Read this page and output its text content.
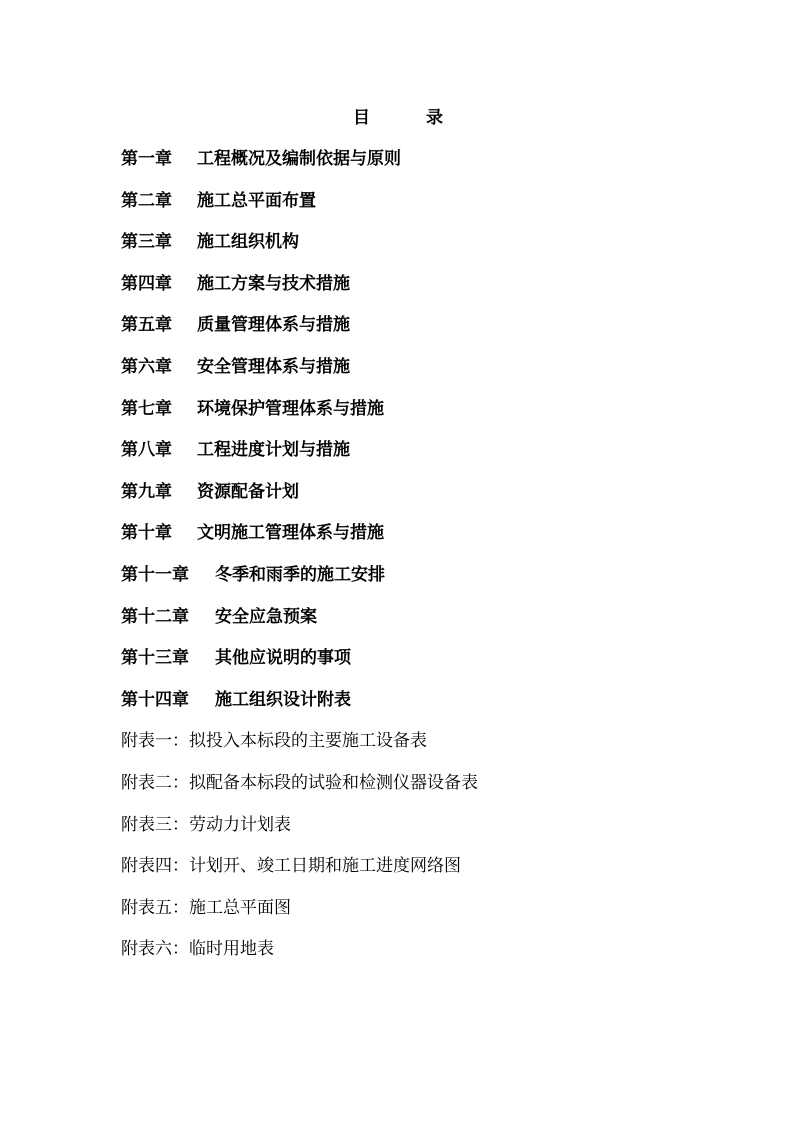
目	录
第一章 工程概况及编制依据与原则
第二章 施工总平面布置
第三章 施工组织机构
第四章 施工方案与技术措施
第五章 质量管理体系与措施
第六章 安全管理体系与措施
第七章 环境保护管理体系与措施
第八章 工程进度计划与措施
第九章 资源配备计划
第十章 文明施工管理体系与措施
第十一章 冬季和雨季的施工安排
第十二章 安全应急预案
第十三章 其他应说明的事项
第十四章 施工组织设计附表
附表一：拟投入本标段的主要施工设备表
附表二：拟配备本标段的试验和检测仪器设备表
附表三：劳动力计划表
附表四：计划开、竣工日期和施工进度网络图
附表五：施工总平面图
附表六：临时用地表
